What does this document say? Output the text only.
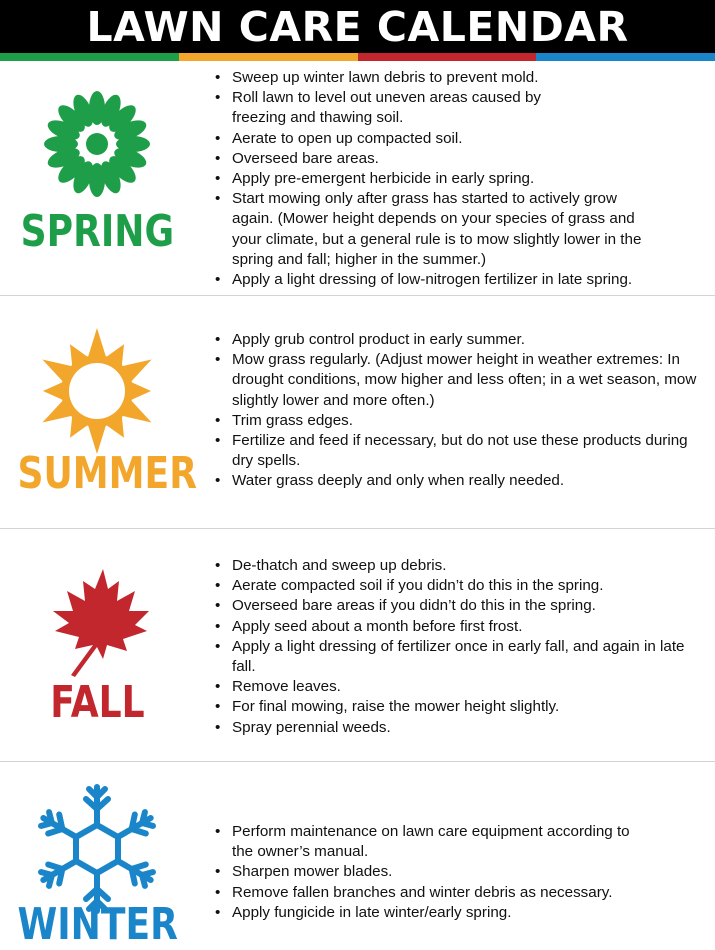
LAWN CARE CALENDAR
SPRING
• Sweep up winter lawn debris to prevent mold.
• Roll lawn to level out uneven areas caused by
freezing and thawing soil.
• Aerate to open up compacted soil.
• Overseed bare areas.
• Apply pre-emergent herbicide in early spring.
• Start mowing only after grass has started to actively grow again. (Mower height depends on your species of grass and your climate, but a general rule is to mow slightly lower in the spring and fall; higher in the summer.)
• Apply a light dressing of low-nitrogen fertilizer in late spring.
SUMMER
• Apply grub control product in early summer.
• Mow grass regularly. (Adjust mower height in weather extremes: In drought conditions, mow higher and less often; in a wet season, mow slightly lower and more often.)
• Trim grass edges.
• Fertilize and feed if necessary, but do not use these products during dry spells.
• Water grass deeply and only when really needed.
FALL
• De-thatch and sweep up debris.
• Aerate compacted soil if you didn’t do this in the spring.
• Overseed bare areas if you didn’t do this in the spring.
• Apply seed about a month before first frost.
• Apply a light dressing of fertilizer once in early fall, and again in late fall.
• Remove leaves.
• For final mowing, raise the mower height slightly.
• Spray perennial weeds.
WINTER
• Perform maintenance on lawn care equipment according to the owner’s manual.
• Sharpen mower blades.
• Remove fallen branches and winter debris as necessary.
• Apply fungicide in late winter/early spring.
